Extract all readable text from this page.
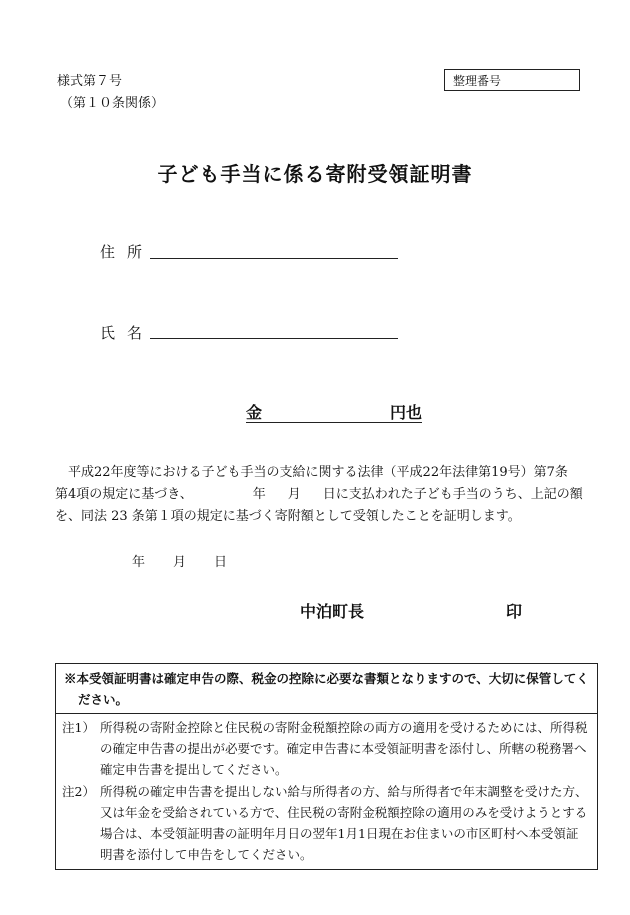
様式第７号
（第１０条関係）
整理番号
子ども手当に係る寄附受領証明書
住所
氏名
金	円也

平成22年度等における子ども手当の支給に関する法律（平成22年法律第19号）第7条

第4項の規定に基づき、	年 月 日に支払われた子ども手当のうち、上記の額

を、同法 23 条第１項の規定に基づく寄附額として受領したことを証明します。

年 月 日
中泊町長	印
※本受領証明書は確定申告の際、税金の控除に必要な書類となりますので、大切に保管してください。
注1） 所得税の寄附金控除と住民税の寄附金税額控除の両方の適用を受けるためには、所得税の確定申告書の提出が必要です。確定申告書に本受領証明書を添付し、所轄の税務署へ確定申告書を提出してください。
注2） 所得税の確定申告書を提出しない給与所得者の方、給与所得者で年末調整を受けた方、又は年金を受給されている方で、住民税の寄附金税額控除の適用のみを受けようとする場合は、本受領証明書の証明年月日の翌年1月1日現在お住まいの市区町村へ本受領証明書を添付して申告をしてください。
